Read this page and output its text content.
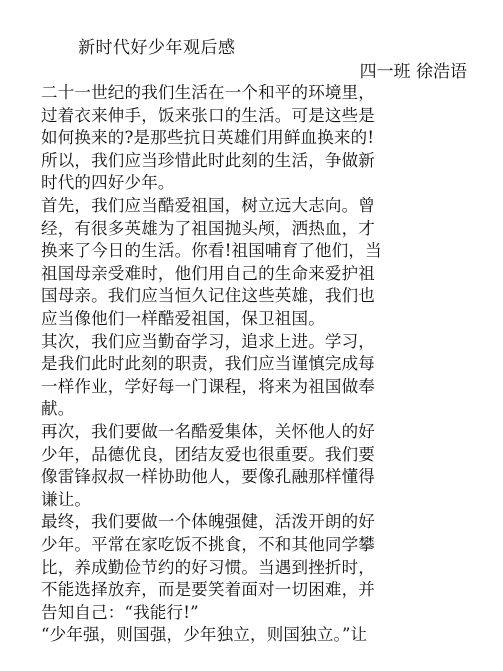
新时代好少年观后感
四一班 徐浩语
二十一世纪的我们生活在一个和平的环境里，
过着衣来伸手，饭来张口的生活。可是这些是
如何换来的?是那些抗日英雄们用鲜血换来的!
所以，我们应当珍惜此时此刻的生活，争做新
时代的四好少年。
首先，我们应当酷爱祖国，树立远大志向。曾
经，有很多英雄为了祖国抛头颅，洒热血，才
换来了今日的生活。你看!祖国哺育了他们，当
祖国母亲受难时，他们用自己的生命来爱护祖
国母亲。我们应当恒久记住这些英雄，我们也
应当像他们一样酷爱祖国，保卫祖国。
其次，我们应当勤奋学习，追求上进。学习，
是我们此时此刻的职责，我们应当谨慎完成每
一样作业，学好每一门课程，将来为祖国做奉
献。
再次，我们要做一名酷爱集体，关怀他人的好
少年，品德优良，团结友爱也很重要。我们要
像雷锋叔叔一样协助他人，要像孔融那样懂得
谦让。
最终，我们要做一个体魄强健，活泼开朗的好
少年。平常在家吃饭不挑食，不和其他同学攀
比，养成勤俭节约的好习惯。当遇到挫折时，
不能选择放弃，而是要笑着面对一切困难，并
告知自己：“我能行!”
“少年强，则国强，少年独立，则国独立。”让
